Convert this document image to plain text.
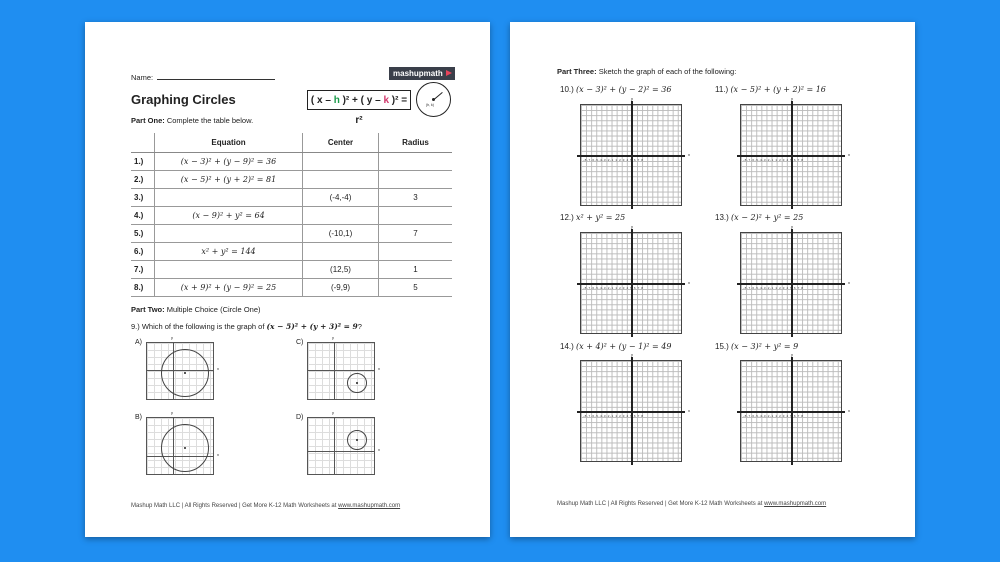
Name:	mashupmath
Graphing Circles	( x – h )² + ( y – k )² = r²
(h, k)
Part One: Complete the table below.
	Equation	Center	Radius
1.)	(x − 3)² + (y − 9)² = 36		
2.)	(x − 5)² + (y + 2)² = 81		
3.)		(-4,-4)	3
4.)	(x − 9)² + y² = 64		
5.)		(-10,1)	7
6.)	x² + y² = 144		
7.)		(12,5)	1
8.)	(x + 9)² + (y − 9)² = 25	(-9,9)	5
Part Two: Multiple Choice (Circle One)
9.) Which of the following is the graph of (x − 5)² + (y + 3)² = 9?
A)
y
x
B)
y
x
C)
y
x
D)
y
x
Mashup Math LLC | All Rights Reserved | Get More K-12 Math Worksheets at www.mashupmath.com
Part Three: Sketch the graph of each of the following:
10.) (x − 3)² + (y − 2)² = 36
x
y
-8-7-6-5-4-3-2-1 1 2 3 4 5 6 7 8
11.) (x − 5)² + (y + 2)² = 16
x
y
-8-7-6-5-4-3-2-1 1 2 3 4 5 6 7 8
12.) x² + y² = 25
x
y
-8-7-6-5-4-3-2-1 1 2 3 4 5 6 7 8
13.) (x − 2)² + y² = 25
x
y
-8-7-6-5-4-3-2-1 1 2 3 4 5 6 7 8
14.) (x + 4)² + (y − 1)² = 49
x
y
-8-7-6-5-4-3-2-1 1 2 3 4 5 6 7 8
15.) (x − 3)² + y² = 9
x
y
-8-7-6-5-4-3-2-1 1 2 3 4 5 6 7 8
Mashup Math LLC | All Rights Reserved | Get More K-12 Math Worksheets at www.mashupmath.com
